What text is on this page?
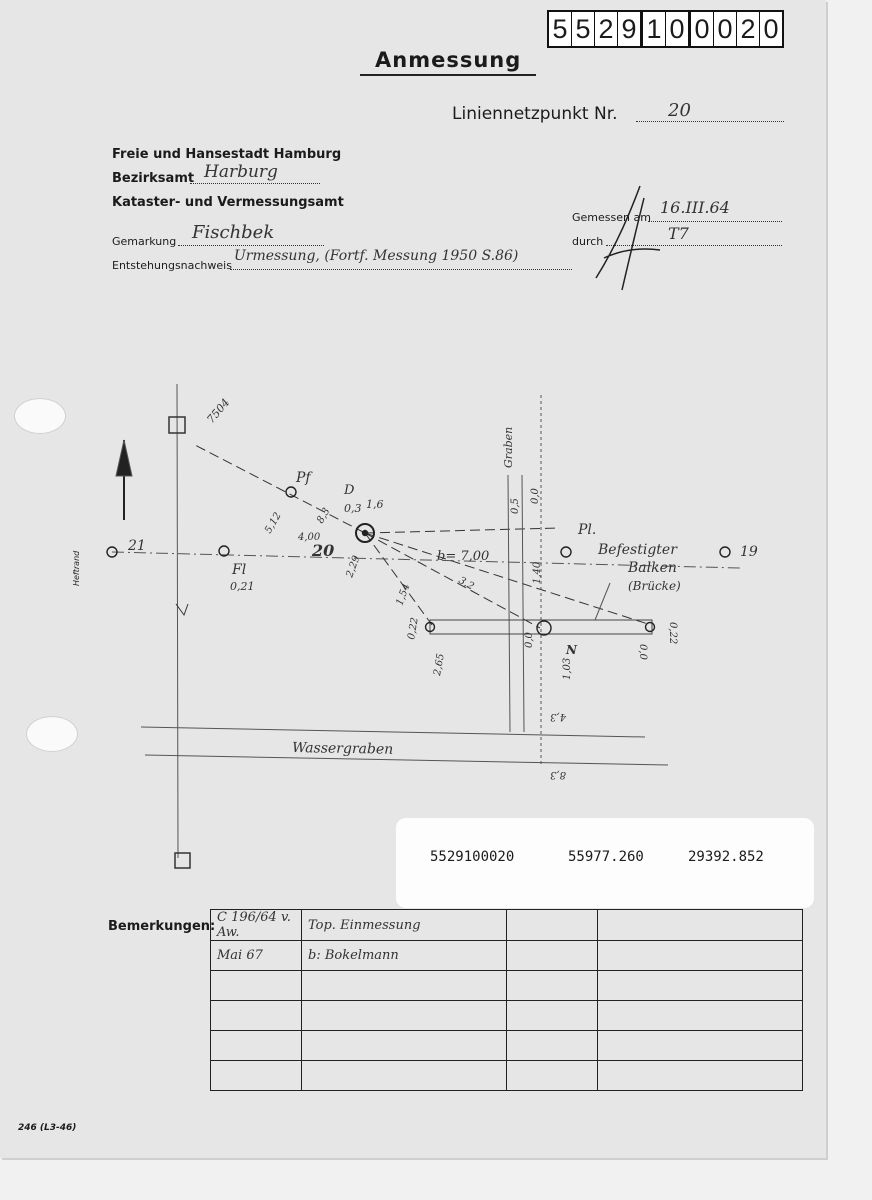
5 5 2 9 1 0 0 0 2 0
Anmessung
Liniennetzpunkt Nr.	20
Freie und Hansestadt Hamburg
Bezirksamt Harburg
Kataster- und Vermessungsamt
Gemessen am
16.III.64
durch	T7
Gemarkung Fischbek
Entstehungsnachweis
Urmessung, (Fortf. Messung 1950 S.86)
21	19
20
Pf
Fl
0,21
Pl.
N
D
0,3 1,6
b= 7,00
Graben
Wassergraben
Befestigter
Balken
(Brücke)
4,00
5,12	8,3
2,29
1,54
2,65
0,22	0,22
1,40
1,03
0,5
0,0
0,0
0,0
4,3
8,3
7504
3,2
5529100020	55977.260	29392.852
Bemerkungen:
C 196/64 v. Aw.	Top. Einmessung		
Mai 67	b: Bokelmann		

246 (L3-46)
Heftrand
